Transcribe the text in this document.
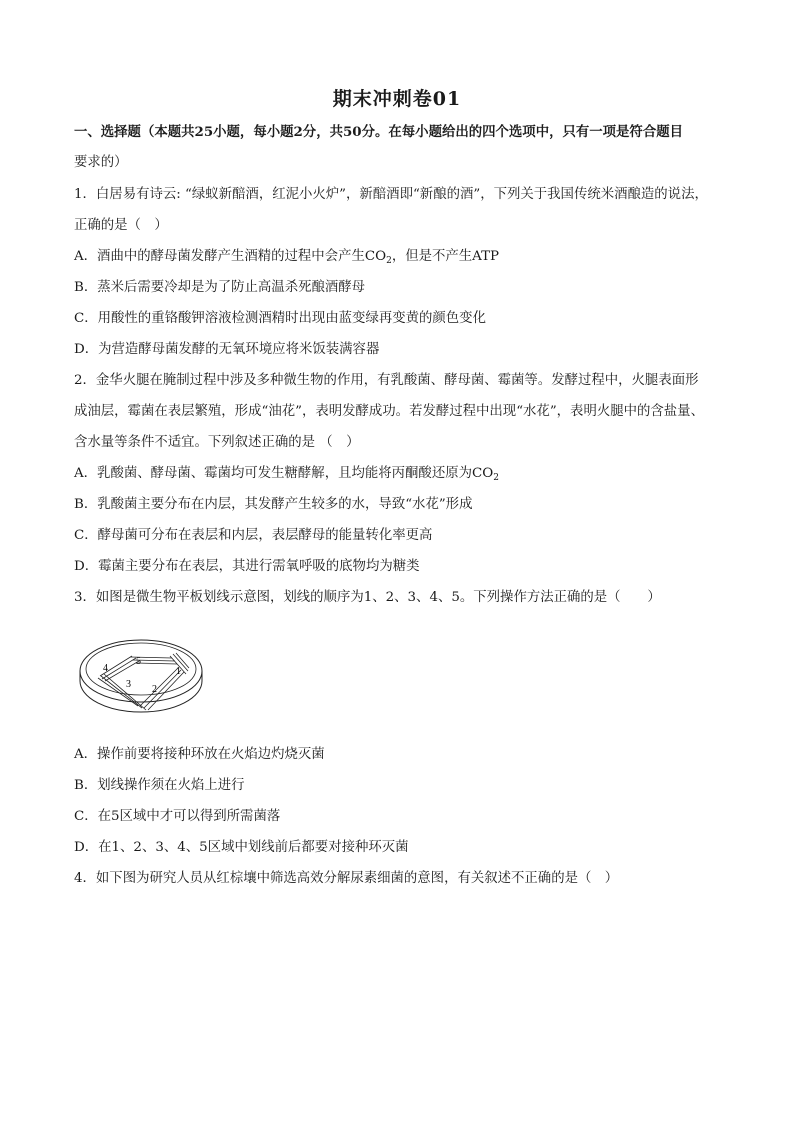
期末冲刺卷01
一、选择题（本题共25小题，每小题2分，共50分。在每小题给出的四个选项中，只有一项是符合题目
要求的）
1．白居易有诗云: “绿蚁新醅酒，红泥小火炉”，新醅酒即“新酿的酒”，下列关于我国传统米酒酿造的说法，
正确的是（　）
A．酒曲中的酵母菌发酵产生酒精的过程中会产生$CO_2$，但是不产生ATP
B．蒸米后需要冷却是为了防止高温杀死酿酒酵母
C．用酸性的重铬酸钾溶液检测酒精时出现由蓝变绿再变黄的颜色变化
D．为营造酵母菌发酵的无氧环境应将米饭装满容器
2．金华火腿在腌制过程中涉及多种微生物的作用，有乳酸菌、酵母菌、霉菌等。发酵过程中，火腿表面形
成油层，霉菌在表层繁殖，形成“油花”，表明发酵成功。若发酵过程中出现“水花”，表明火腿中的含盐量、
含水量等条件不适宜。下列叙述正确的是 （　）
A．乳酸菌、酵母菌、霉菌均可发生糖酵解，且均能将丙酮酸还原为$CO_2$
B．乳酸菌主要分布在内层，其发酵产生较多的水，导致“水花”形成
C．酵母菌可分布在表层和内层，表层酵母的能量转化率更高
D．霉菌主要分布在表层，其进行需氧呼吸的底物均为糖类
3．如图是微生物平板划线示意图，划线的顺序为1、2、3、4、5。下列操作方法正确的是（　　）
1
2
3
4
5
A．操作前要将接种环放在火焰边灼烧灭菌
B．划线操作须在火焰上进行
C．在5区域中才可以得到所需菌落
D．在1、2、3、4、5区域中划线前后都要对接种环灭菌
4．如下图为研究人员从红棕壤中筛选高效分解尿素细菌的意图，有关叙述不正确的是（　）
